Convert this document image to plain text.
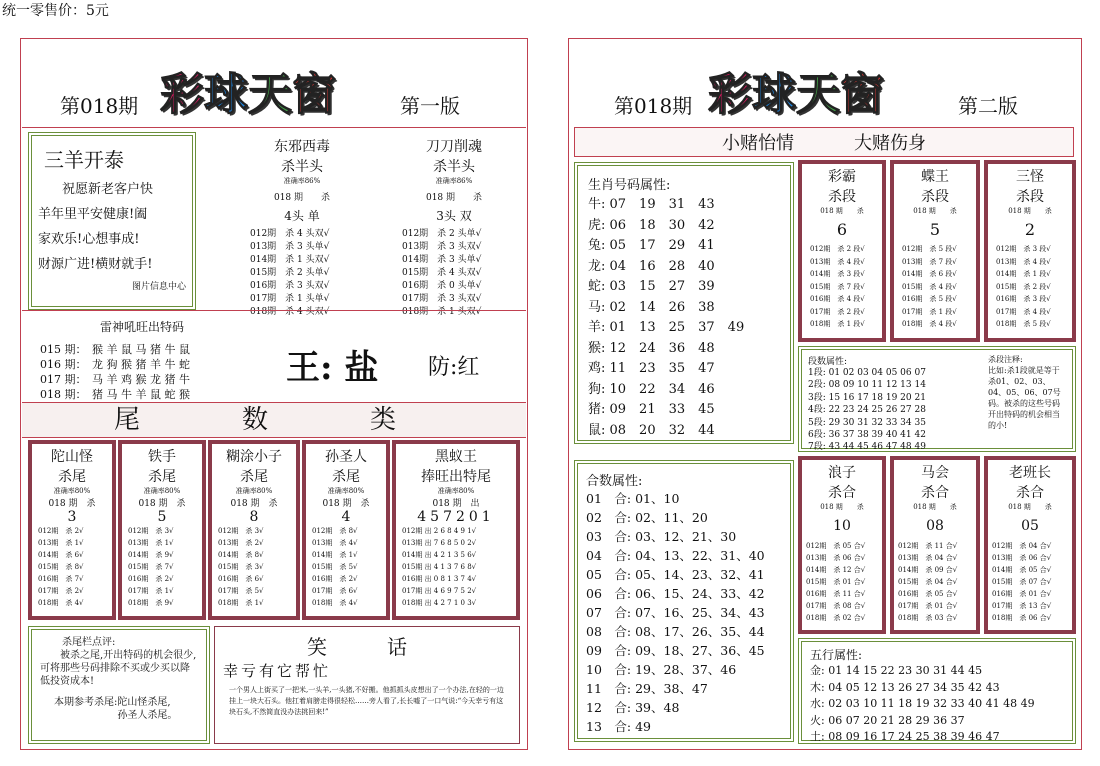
统一零售价：5元
第018期 彩球天窗	第一版
三羊开泰
祝愿新老客户快
羊年里平安健康!阖
家欢乐!心想事成!
财源广进!横财就手!
图片信息中心
东邪西毒
杀半头
准确率86%
018 期　　杀
4头 单
012期　杀 4 头双√
013期　杀 3 头单√
014期　杀 1 头双√
015期　杀 2 头单√
016期　杀 3 头双√
017期　杀 1 头单√
018期　杀 4 头双√
刀刀削魂
杀半头
准确率86%
018 期　　杀
3头 双
012期　杀 2 头单√
013期　杀 3 头双√
014期　杀 3 头单√
015期　杀 4 头双√
016期　杀 0 头单√
017期　杀 3 头双√
018期　杀 1 头双√
雷神吼旺出特码
015 期：　猴 羊 鼠 马 猪 牛 鼠
016 期：　龙 狗 猴 猪 羊 牛 蛇
017 期：　马 羊 鸡 猴 龙 猪 牛
018 期：　猪 马 牛 羊 鼠 蛇 猴
王: 盐 防:红
尾　数　类
陀山怪
杀尾
准确率80%
018 期　杀
3
012期　杀 2√
013期　杀 1√
014期　杀 6√
015期　杀 8√
016期　杀 7√
017期　杀 2√
018期　杀 4√
铁手
杀尾
准确率80%
018 期　杀
5
012期　杀 3√
013期　杀 1√
014期　杀 9√
015期　杀 7√
016期　杀 2√
017期　杀 1√
018期　杀 9√
糊涂小子
杀尾
准确率80%
018 期　杀
8
012期　杀 3√
013期　杀 2√
014期　杀 8√
015期　杀 3√
016期　杀 6√
017期　杀 5√
018期　杀 1√
孙圣人
杀尾
准确率80%
018 期　杀
4
012期　杀 8√
013期　杀 4√
014期　杀 1√
015期　杀 5√
016期　杀 2√
017期　杀 6√
018期　杀 4√
黑蚁王
捧旺出特尾
准确率80%
018 期　出
457201
012期 出 2 6 8 4 9 1√
013期 出 7 6 8 5 0 2√
014期 出 4 2 1 3 5 6√
015期 出 4 1 3 7 6 8√
016期 出 0 8 1 3 7 4√
017期 出 4 6 9 7 5 2√
018期 出 4 2 7 1 0 3√
杀尾栏点评:
被杀之尾,开出特码的机会很少,可将那些号码排除不买或少买以降低投资成本!
本期参考杀尾: 陀山怪杀尾,
孙圣人杀尾。
笑　话
幸亏有它帮忙
一个男人上街买了一把米,一头羊,一头猪,不好搬。他抓抓头皮想出了一个办法,在轻的一边挂上一块大石头。他扛着肩膀走得很轻松……旁人看了,长长嘘了一口气说:“今天幸亏有这块石头,不然简直没办法挑回来!”
第018期 彩球天窗	第二版
小赌怡情	大赌伤身
生肖号码属性:
牛: 07　19　31　43
虎: 06　18　30　42
兔: 05　17　29　41
龙: 04　16　28　40
蛇: 03　15　27　39
马: 02　14　26　38
羊: 01　13　25　37　49
猴: 12　24　36　48
鸡: 11　23　35　47
狗: 10　22　34　46
猪: 09　21　33　45
鼠: 08　20　32　44
彩霸
杀段
018 期　　杀
6
012期　杀 2 段√
013期　杀 4 段√
014期　杀 3 段√
015期　杀 7 段√
016期　杀 4 段√
017期　杀 2 段√
018期　杀 1 段√
蝶王
杀段
018 期　　杀
5
012期　杀 5 段√
013期　杀 7 段√
014期　杀 6 段√
015期　杀 4 段√
016期　杀 5 段√
017期　杀 1 段√
018期　杀 4 段√
三怪
杀段
018 期　　杀
2
012期　杀 3 段√
013期　杀 4 段√
014期　杀 1 段√
015期　杀 2 段√
016期　杀 3 段√
017期　杀 4 段√
018期　杀 5 段√
段数属性:
1段: 01 02 03 04 05 06 07
2段: 08 09 10 11 12 13 14
3段: 15 16 17 18 19 20 21
4段: 22 23 24 25 26 27 28
5段: 29 30 31 32 33 34 35
6段: 36 37 38 39 40 41 42
7段: 43 44 45 46 47 48 49
杀段注释:
比如:杀1段就是等于杀01、02、03、04、05、06、07号码。被杀的这些号码开出特码的机会相当的小!
合数属性:
01　合: 01、10
02　合: 02、11、20
03　合: 03、12、21、30
04　合: 04、13、22、31、40
05　合: 05、14、23、32、41
06　合: 06、15、24、33、42
07　合: 07、16、25、34、43
08　合: 08、17、26、35、44
09　合: 09、18、27、36、45
10　合: 19、28、37、46
11　合: 29、38、47
12　合: 39、48
13　合: 49
浪子
杀合
018 期　　杀
10
012期　杀 05 合√
013期　杀 06 合√
014期　杀 12 合√
015期　杀 01 合√
016期　杀 11 合√
017期　杀 08 合√
018期　杀 02 合√
马会
杀合
018 期　　杀
08
012期　杀 11 合√
013期　杀 04 合√
014期　杀 09 合√
015期　杀 04 合√
016期　杀 05 合√
017期　杀 01 合√
018期　杀 03 合√
老班长
杀合
018 期　　杀
05
012期　杀 04 合√
013期　杀 06 合√
014期　杀 05 合√
015期　杀 07 合√
016期　杀 01 合√
017期　杀 13 合√
018期　杀 06 合√
五行属性:
金: 01 14 15 22 23 30 31 44 45
木: 04 05 12 13 26 27 34 35 42 43
水: 02 03 10 11 18 19 32 33 40 41 48 49
火: 06 07 20 21 28 29 36 37
土: 08 09 16 17 24 25 38 39 46 47
